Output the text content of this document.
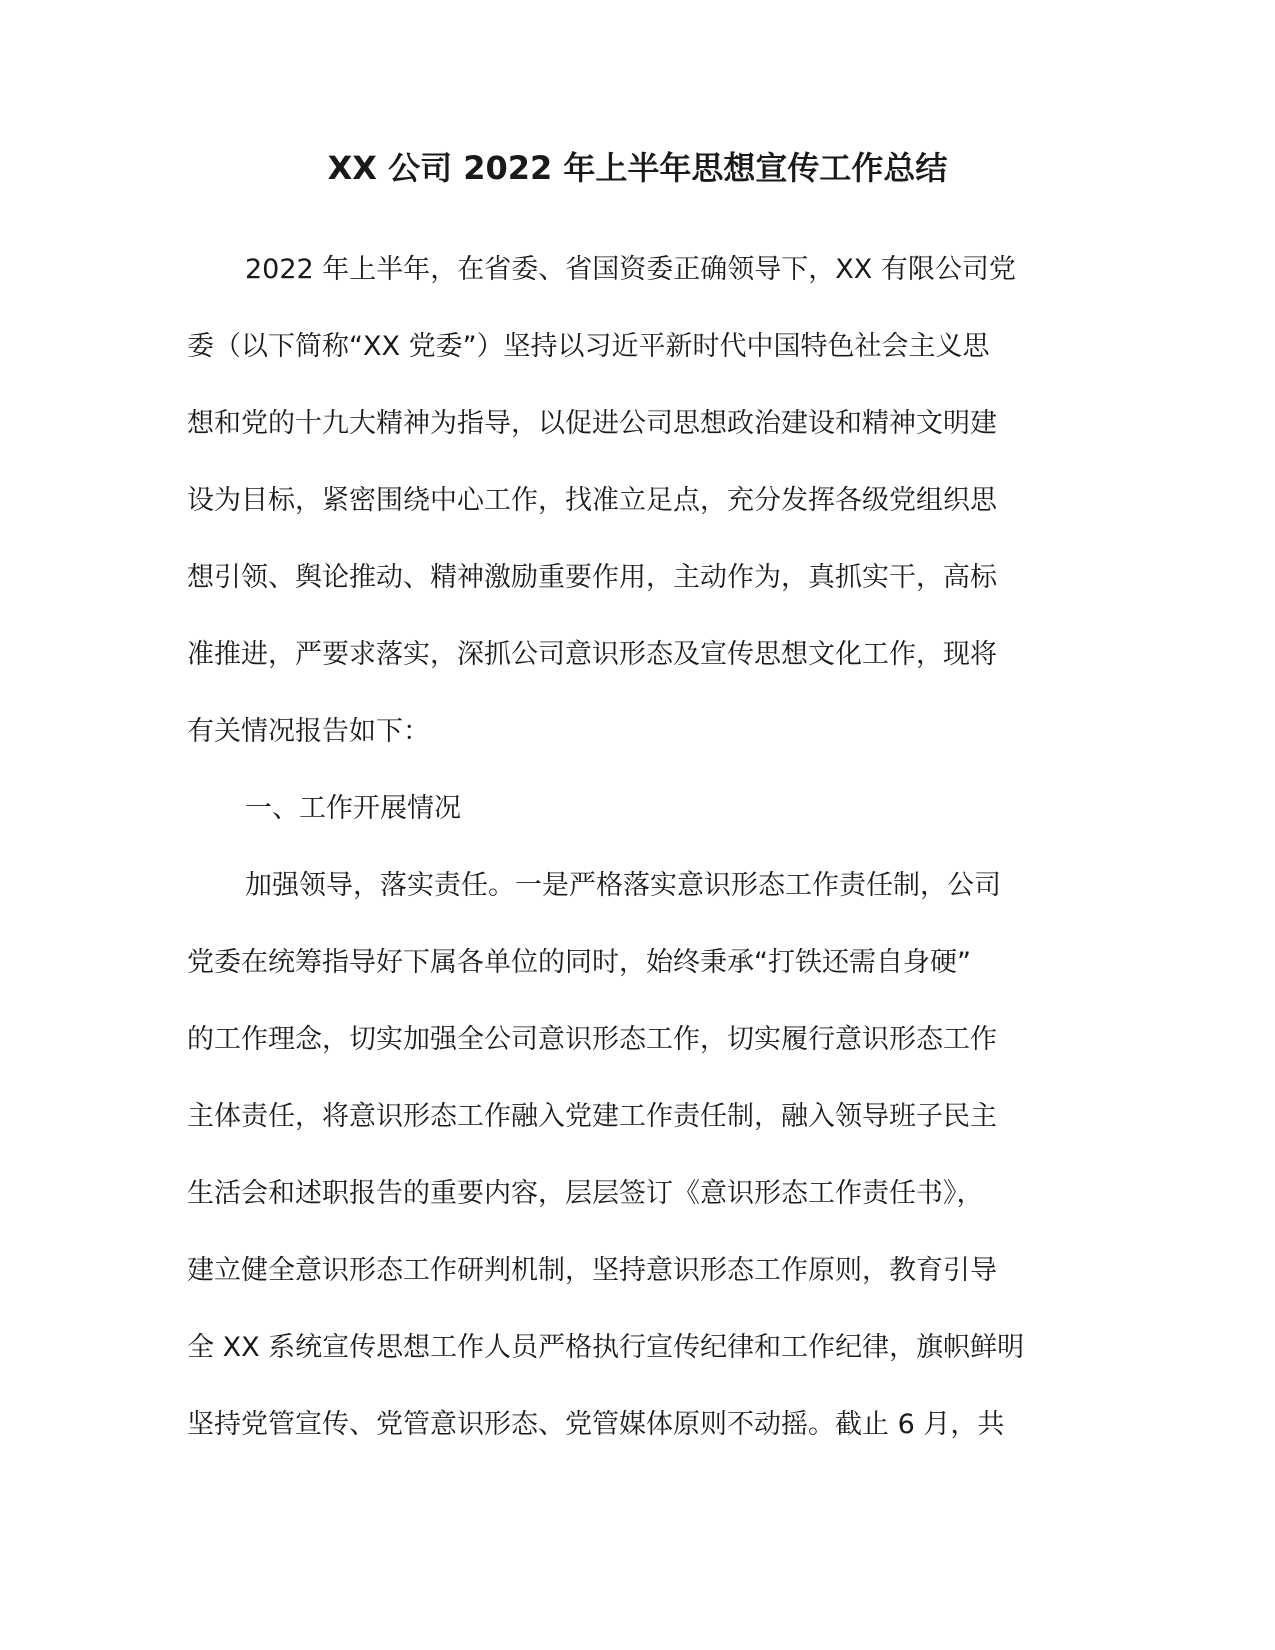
XX 公司 2022 年上半年思想宣传工作总结
2022 年上半年，在省委、省国资委正确领导下，XX 有限公司党
委（以下简称“XX 党委”）坚持以习近平新时代中国特色社会主义思
想和党的十九大精神为指导，以促进公司思想政治建设和精神文明建
设为目标，紧密围绕中心工作，找准立足点，充分发挥各级党组织思
想引领、舆论推动、精神激励重要作用，主动作为，真抓实干，高标
准推进，严要求落实，深抓公司意识形态及宣传思想文化工作，现将
有关情况报告如下：
一、工作开展情况
加强领导，落实责任。一是严格落实意识形态工作责任制，公司
党委在统筹指导好下属各单位的同时，始终秉承“打铁还需自身硬”
的工作理念，切实加强全公司意识形态工作，切实履行意识形态工作
主体责任，将意识形态工作融入党建工作责任制，融入领导班子民主
生活会和述职报告的重要内容，层层签订《意识形态工作责任书》，
建立健全意识形态工作研判机制，坚持意识形态工作原则，教育引导
全 XX 系统宣传思想工作人员严格执行宣传纪律和工作纪律，旗帜鲜明
坚持党管宣传、党管意识形态、党管媒体原则不动摇。截止 6 月，共
